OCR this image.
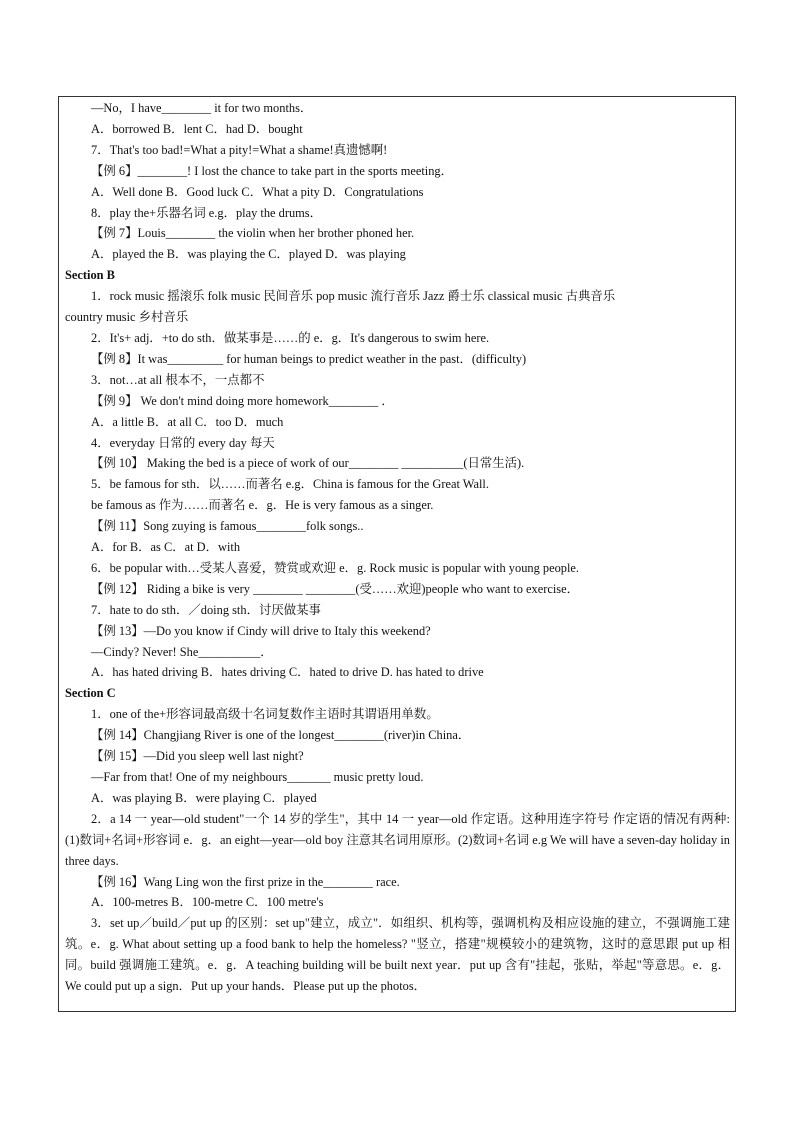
—No，I have________ it for two months．
A．borrowed B．lent C．had D．bought
7．That's too bad!=What a pity!=What a shame!真遗憾啊!
【例 6】________! I lost the chance to take part in the sports meeting．
A．Well done B．Good luck C．What a pity D．Congratulations
8．play the+乐器名词 e.g．play the drums．
【例 7】Louis________ the violin when her brother phoned her.
A．played the B．was playing the C．played D．was playing
Section B
1．rock music 摇滚乐 folk music 民间音乐 pop music 流行音乐 Jazz 爵士乐 classical music 古典音乐
country music 乡村音乐
2．It's+ adj．+to do sth．做某事是……的 e．g．It's dangerous to swim here.
【例 8】It was_________ for human beings to predict weather in the past．(difficulty)
3．not…at all 根本不，一点都不
【例 9】 We don't mind doing more homework________ ．
A．a little B．at all C．too D．much
4．everyday 日常的 every day 每天
【例 10】 Making the bed is a piece of work of our________ __________(日常生活).
5．be famous for sth．以……而著名 e.g．China is famous for the Great Wall.
be famous as 作为……而著名 e．g．He is very famous as a singer.
【例 11】Song zuying is famous________folk songs..
A．for B．as C．at D．with
6．be popular with…受某人喜爱，赞赏或欢迎 e．g. Rock music is popular with young people.
【例 12】 Riding a bike is very ________ ________(受……欢迎)people who want to exercise．
7．hate to do sth．／doing sth．讨厌做某事
【例 13】—Do you know if Cindy will drive to Italy this weekend?
—Cindy? Never! She__________．
A．has hated driving B．hates driving C．hated to drive D. has hated to drive
Section C
1．one of the+形容词最高级十名词复数作主语时其谓语用单数。
【例 14】Changjiang River is one of the longest________(river)in China．
【例 15】—Did you sleep well last night?
—Far from that! One of my neighbours_______ music pretty loud.
A．was playing B．were playing C．played
2．a 14 一 year—old student"一个 14 岁的学生"，其中 14 一 year—old 作定语。这种用连字符号 作定语的情况有两种: (1)数词+名词+形容词 e．g．an eight—year—old boy 注意其名词用原形。(2)数词+名词 e.g We will have a seven-day holiday in three days.
【例 16】Wang Ling won the first prize in the________ race.
A．100-metres B．100-metre C．100 metre's
3．set up／build／put up 的区别：set up"建立，成立"．如组织、机构等，强调机构及相应设施的建立，不强调施工建筑。e．g. What about setting up a food bank to help the homeless? "竖立，搭建"规模较小的建筑物，这时的意思跟 put up 相同。build 强调施工建筑。e．g．A teaching building will be built next year．put up 含有"挂起，张贴，举起"等意思。e．g．We could put up a sign．Put up your hands．Please put up the photos．
